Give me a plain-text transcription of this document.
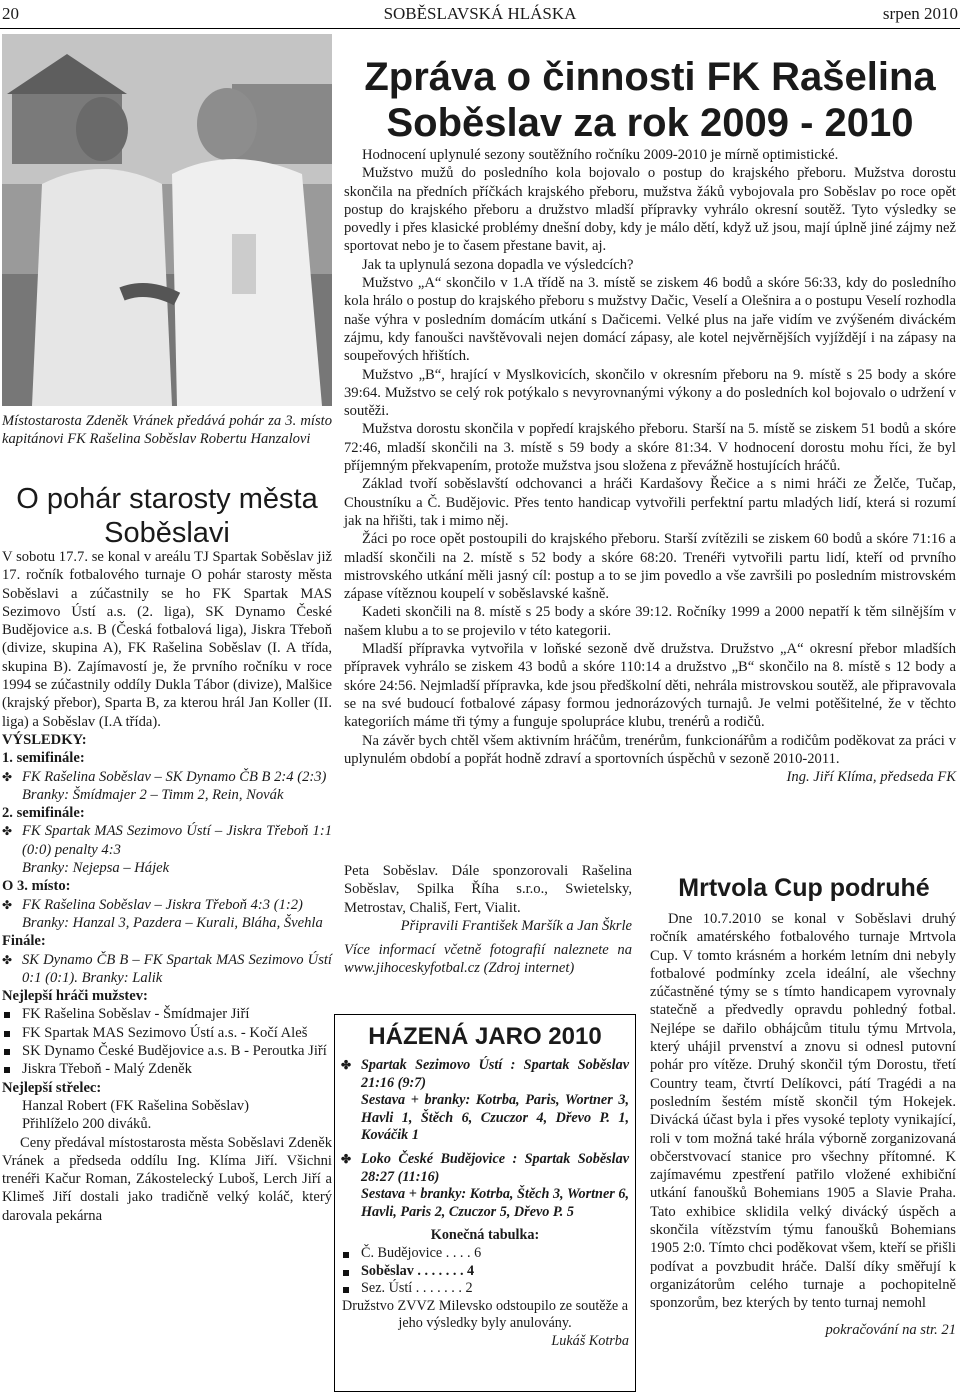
20	SOBĚSLAVSKÁ HLÁSKA	srpen 2010
Místostarosta Zdeněk Vránek předává pohár za 3. místo kapitánovi FK Rašelina Soběslav Robertu Hanzalovi
O pohár starosty města Soběslavi

V sobotu 17.7. se konal v areálu TJ Spartak Soběslav již 17. ročník fotbalového turnaje O pohár starosty města Soběslavi a zúčastnily se ho FK Spartak MAS Sezimovo Ústí a.s. (2. liga), SK Dynamo České Budějovice a.s. B (Česká fotbalová liga), Jiskra Třeboň (divize, skupina A), FK Rašelina Soběslav (I. A třída, skupina B). Zajímavostí je, že prvního ročníku v roce 1994 se zúčastnily oddíly Dukla Tábor (divize), Malšice (krajský přebor), Sparta B, za kterou hrál Jan Koller (II. liga) a Soběslav (I.A třída).

VÝSLEDKY:

1. semifinále:

✤ FK Rašelina Soběslav – SK Dynamo ČB B 2:4 (2:3)
Branky: Šmídmajer 2 – Timm 2, Rein, Novák

2. semifinále:

✤ FK Spartak MAS Sezimovo Ústí – Jiskra Třeboň 1:1 (0:0) penalty 4:3
Branky: Nejepsa – Hájek

O 3. místo:

✤ FK Rašelina Soběslav – Jiskra Třeboň 4:3 (1:2)
Branky: Hanzal 3, Pazdera – Kurali, Bláha, Švehla

Finále:

✤ SK Dynamo ČB B – FK Spartak MAS Sezimovo Ústí 0:1 (0:1). Branky: Lalik

Nejlepší hráči mužstev:

FK Rašelina Soběslav - Šmídmajer Jiří
FK Spartak MAS Sezimovo Ústí a.s. - Kočí Aleš
SK Dynamo České Budějovice a.s. B - Peroutka Jiří
Jiskra Třeboň - Malý Zdeněk

Nejlepší střelec:

Hanzal Robert (FK Rašelina Soběslav)

Přihlíželo 200 diváků.

Ceny předával místostarosta města Soběslavi Zdeněk Vránek a předseda oddílu Ing. Klíma Jiří. Všichni trenéři Kačur Roman, Zákostelecký Luboš, Lerch Jiří a Klimeš Jiří dostali jako tradičně velký koláč, který darovala pekárna

Zpráva o činnosti FK Rašelina Soběslav za rok 2009 - 2010

Hodnocení uplynulé sezony soutěžního ročníku 2009-2010 je mírně optimistické.

Mužstvo mužů do posledního kola bojovalo o postup do krajského přeboru. Mužstva dorostu skončila na předních příčkách krajského přeboru, mužstva žáků vybojovala pro Soběslav po roce opět postup do krajského přeboru a družstvo mladší přípravky vyhrálo okresní soutěž. Tyto výsledky se povedly i přes klasické problémy dnešní doby, kdy je málo dětí, když už jsou, mají úplně jiné zájmy než sportovat nebo je to časem přestane bavit, aj.

Jak ta uplynulá sezona dopadla ve výsledcích?

Mužstvo „A“ skončilo v 1.A třídě na 3. místě se ziskem 46 bodů a skóre 56:33, kdy do posledního kola hrálo o postup do krajského přeboru s mužstvy Dačic, Veselí a Olešnira a o postupu Veselí rozhodla naše výhra v posledním domácím utkání s Dačicemi. Velké plus na jaře vidím ve zvýšeném diváckém zájmu, kdy fanoušci navštěvovali nejen domácí zápasy, ale kotel nejvěrnějších vyjíždějí i na zápasy na soupeřových hřištích.

Mužstvo „B“, hrající v Myslkovicích, skončilo v okresním přeboru na 9. místě s 25 body a skóre 39:64. Mužstvo se celý rok potýkalo s nevyrovnanými výkony a do posledních kol bojovalo o udržení v soutěži.

Mužstva dorostu skončila v popředí krajského přeboru. Starší na 5. místě se ziskem 51 bodů a skóre 72:46, mladší skončili na 3. místě s 59 body a skóre 81:34. V hodnocení dorostu mohu říci, že byl příjemným překvapením, protože mužstva jsou složena z převážně hostujících hráčů.

Základ tvoří soběslavští odchovanci a hráči Kardašovy Řečice a s nimi hráči ze Želče, Tučap, Choustníku a Č. Budějovic. Přes tento handicap vytvořili perfektní partu mladých lidí, která si rozumí jak na hřišti, tak i mimo něj.

Žáci po roce opět postoupili do krajského přeboru. Starší zvítězili se ziskem 60 bodů a skóre 71:16 a mladší skončili na 2. místě s 52 body a skóre 68:20. Trenéři vytvořili partu lidí, kteří od prvního mistrovského utkání měli jasný cíl: postup a to se jim povedlo a vše završili po posledním mistrovském zápase vítěznou koupelí v soběslavské kašně.

Kadeti skončili na 8. místě s 25 body a skóre 39:12. Ročníky 1999 a 2000 nepatří k těm silnějším v našem klubu a to se projevilo v této kategorii.

Mladší přípravka vytvořila v loňské sezoně dvě družstva. Družstvo „A“ okresní přebor mladších přípravek vyhrálo se ziskem 43 bodů a skóre 110:14 a družstvo „B“ skončilo na 8. místě s 12 body a skóre 24:56. Nejmladší přípravka, kde jsou předškolní děti, nehrála mistrovskou soutěž, ale připravovala se na své budoucí fotbalové zápasy formou jednorázových turnajů. Je velmi potěšitelné, že v těchto kategoriích máme tři týmy a funguje spolupráce klubu, trenérů a rodičů.

Na závěr bych chtěl všem aktivním hráčům, trenérům, funkcionářům a rodičům poděkovat za práci v uplynulém období a popřát hodně zdraví a sportovních úspěchů v sezoně 2010-2011.

Ing. Jiří Klíma, předseda FK

Peta Soběslav. Dále sponzorovali Rašelina Soběslav, Spilka Říha s.r.o., Swietelsky, Metrostav, Chališ, Fert, Vialit.

Připravili František Maršík a Jan Škrle

Více informací včetně fotografií naleznete na www.jihoceskyfotbal.cz (Zdroj internet)

HÁZENÁ JARO 2010
✤ Spartak Sezimovo Ústí : Spartak Soběslav 21:16 (9:7)
Sestava + branky: Kotrba, Paris, Wortner 3, Havli 1, Štěch 6, Czuczor 4, Dřevo P. 1, Kováčik 1
✤ Loko České Budějovice : Spartak Soběslav 28:27 (11:16)
Sestava + branky: Kotrba, Štěch 3, Wortner 6, Havli, Paris 2, Czuczor 5, Dřevo P. 5

Konečná tabulka:

Č. Budějovice . . . . 6
Soběslav . . . . . . . 4
Sez. Ústí . . . . . . . 2

Družstvo ZVVZ Milevsko odstoupilo ze soutěže a jeho výsledky byly anulovány.

Lukáš Kotrba

Mrtvola Cup podruhé

Dne 10.7.2010 se konal v Soběslavi druhý ročník amatérského fotbalového turnaje Mrtvola Cup. V tomto krásném a horkém letním dni nebyly fotbalové podmínky zcela ideální, ale všechny zúčastněné týmy se s tímto handicapem vyrovnaly statečně a předvedly opravdu pohledný fotbal. Nejlépe se dařilo obhájcům titulu týmu Mrtvola, který uhájil prvenství a znovu si odnesl putovní pohár pro vítěze. Druhý skončil tým Dorostu, třetí Country team, čtvrtí Delíkovci, pátí Tragédi a na posledním šestém místě skončil tým Hokejek. Divácká účast byla i přes vysoké teploty vynikající, roli v tom možná také hrála výborně zorganizovaná občerstvovací stanice pro všechny přítomné. K zajímavému zpestření patřilo vložené exhibiční utkání fanoušků Bohemians 1905 a Slavie Praha. Tato exhibice sklidila velký divácký úspěch a skončila vítězstvím týmu fanoušků Bohemians 1905 2:0. Tímto chci poděkovat všem, kteří se přišli podívat a povzbudit hráče. Další díky směřují k organizátorům celého turnaje a pochopitelně sponzorům, bez kterých by tento turnaj nemohl

pokračování na str. 21
